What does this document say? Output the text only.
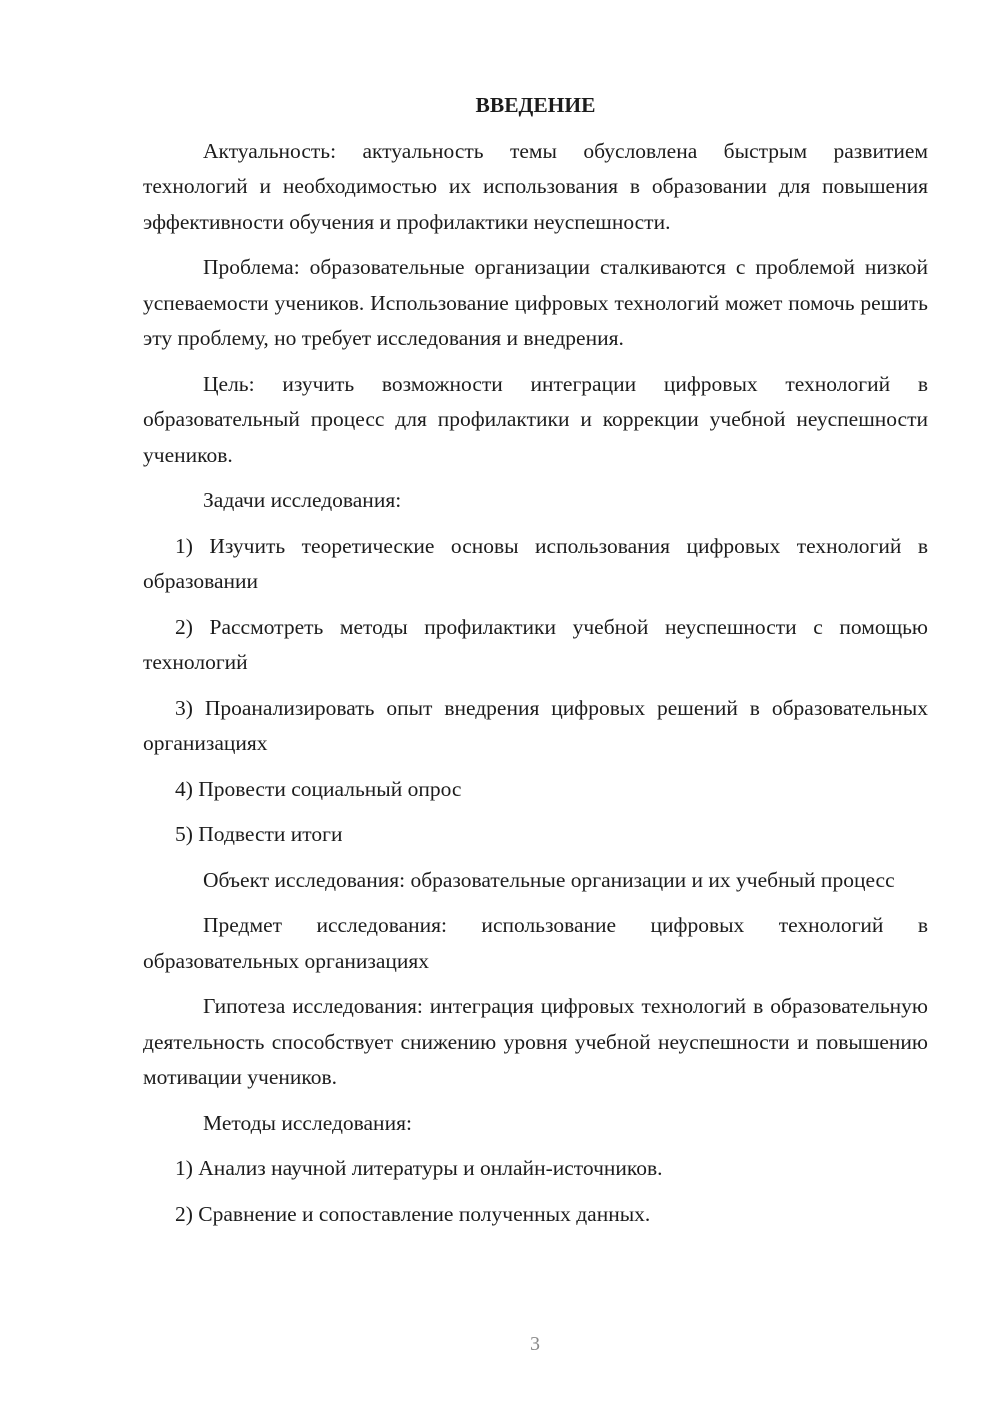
ВВЕДЕНИЕ

Актуальность: актуальность темы обусловлена быстрым развитием технологий и необходимостью их использования в образовании для повышения эффективности обучения и профилактики неуспешности.

Проблема: образовательные организации сталкиваются с проблемой низкой успеваемости учеников. Использование цифровых технологий может помочь решить эту проблему, но требует исследования и внедрения.

Цель: изучить возможности интеграции цифровых технологий в образовательный процесс для профилактики и коррекции учебной неуспешности учеников.

Задачи исследования:

1) Изучить теоретические основы использования цифровых технологий в образовании

2) Рассмотреть методы профилактики учебной неуспешности с помощью технологий

3) Проанализировать опыт внедрения цифровых решений в образовательных организациях

4) Провести социальный опрос

5) Подвести итоги

Объект исследования: образовательные организации и их учебный процесс

Предмет исследования: использование цифровых технологий в образовательных организациях

Гипотеза исследования: интеграция цифровых технологий в образовательную деятельность способствует снижению уровня учебной неуспешности и повышению мотивации учеников.

Методы исследования:

1) Анализ научной литературы и онлайн-источников.

2) Сравнение и сопоставление полученных данных.

3
